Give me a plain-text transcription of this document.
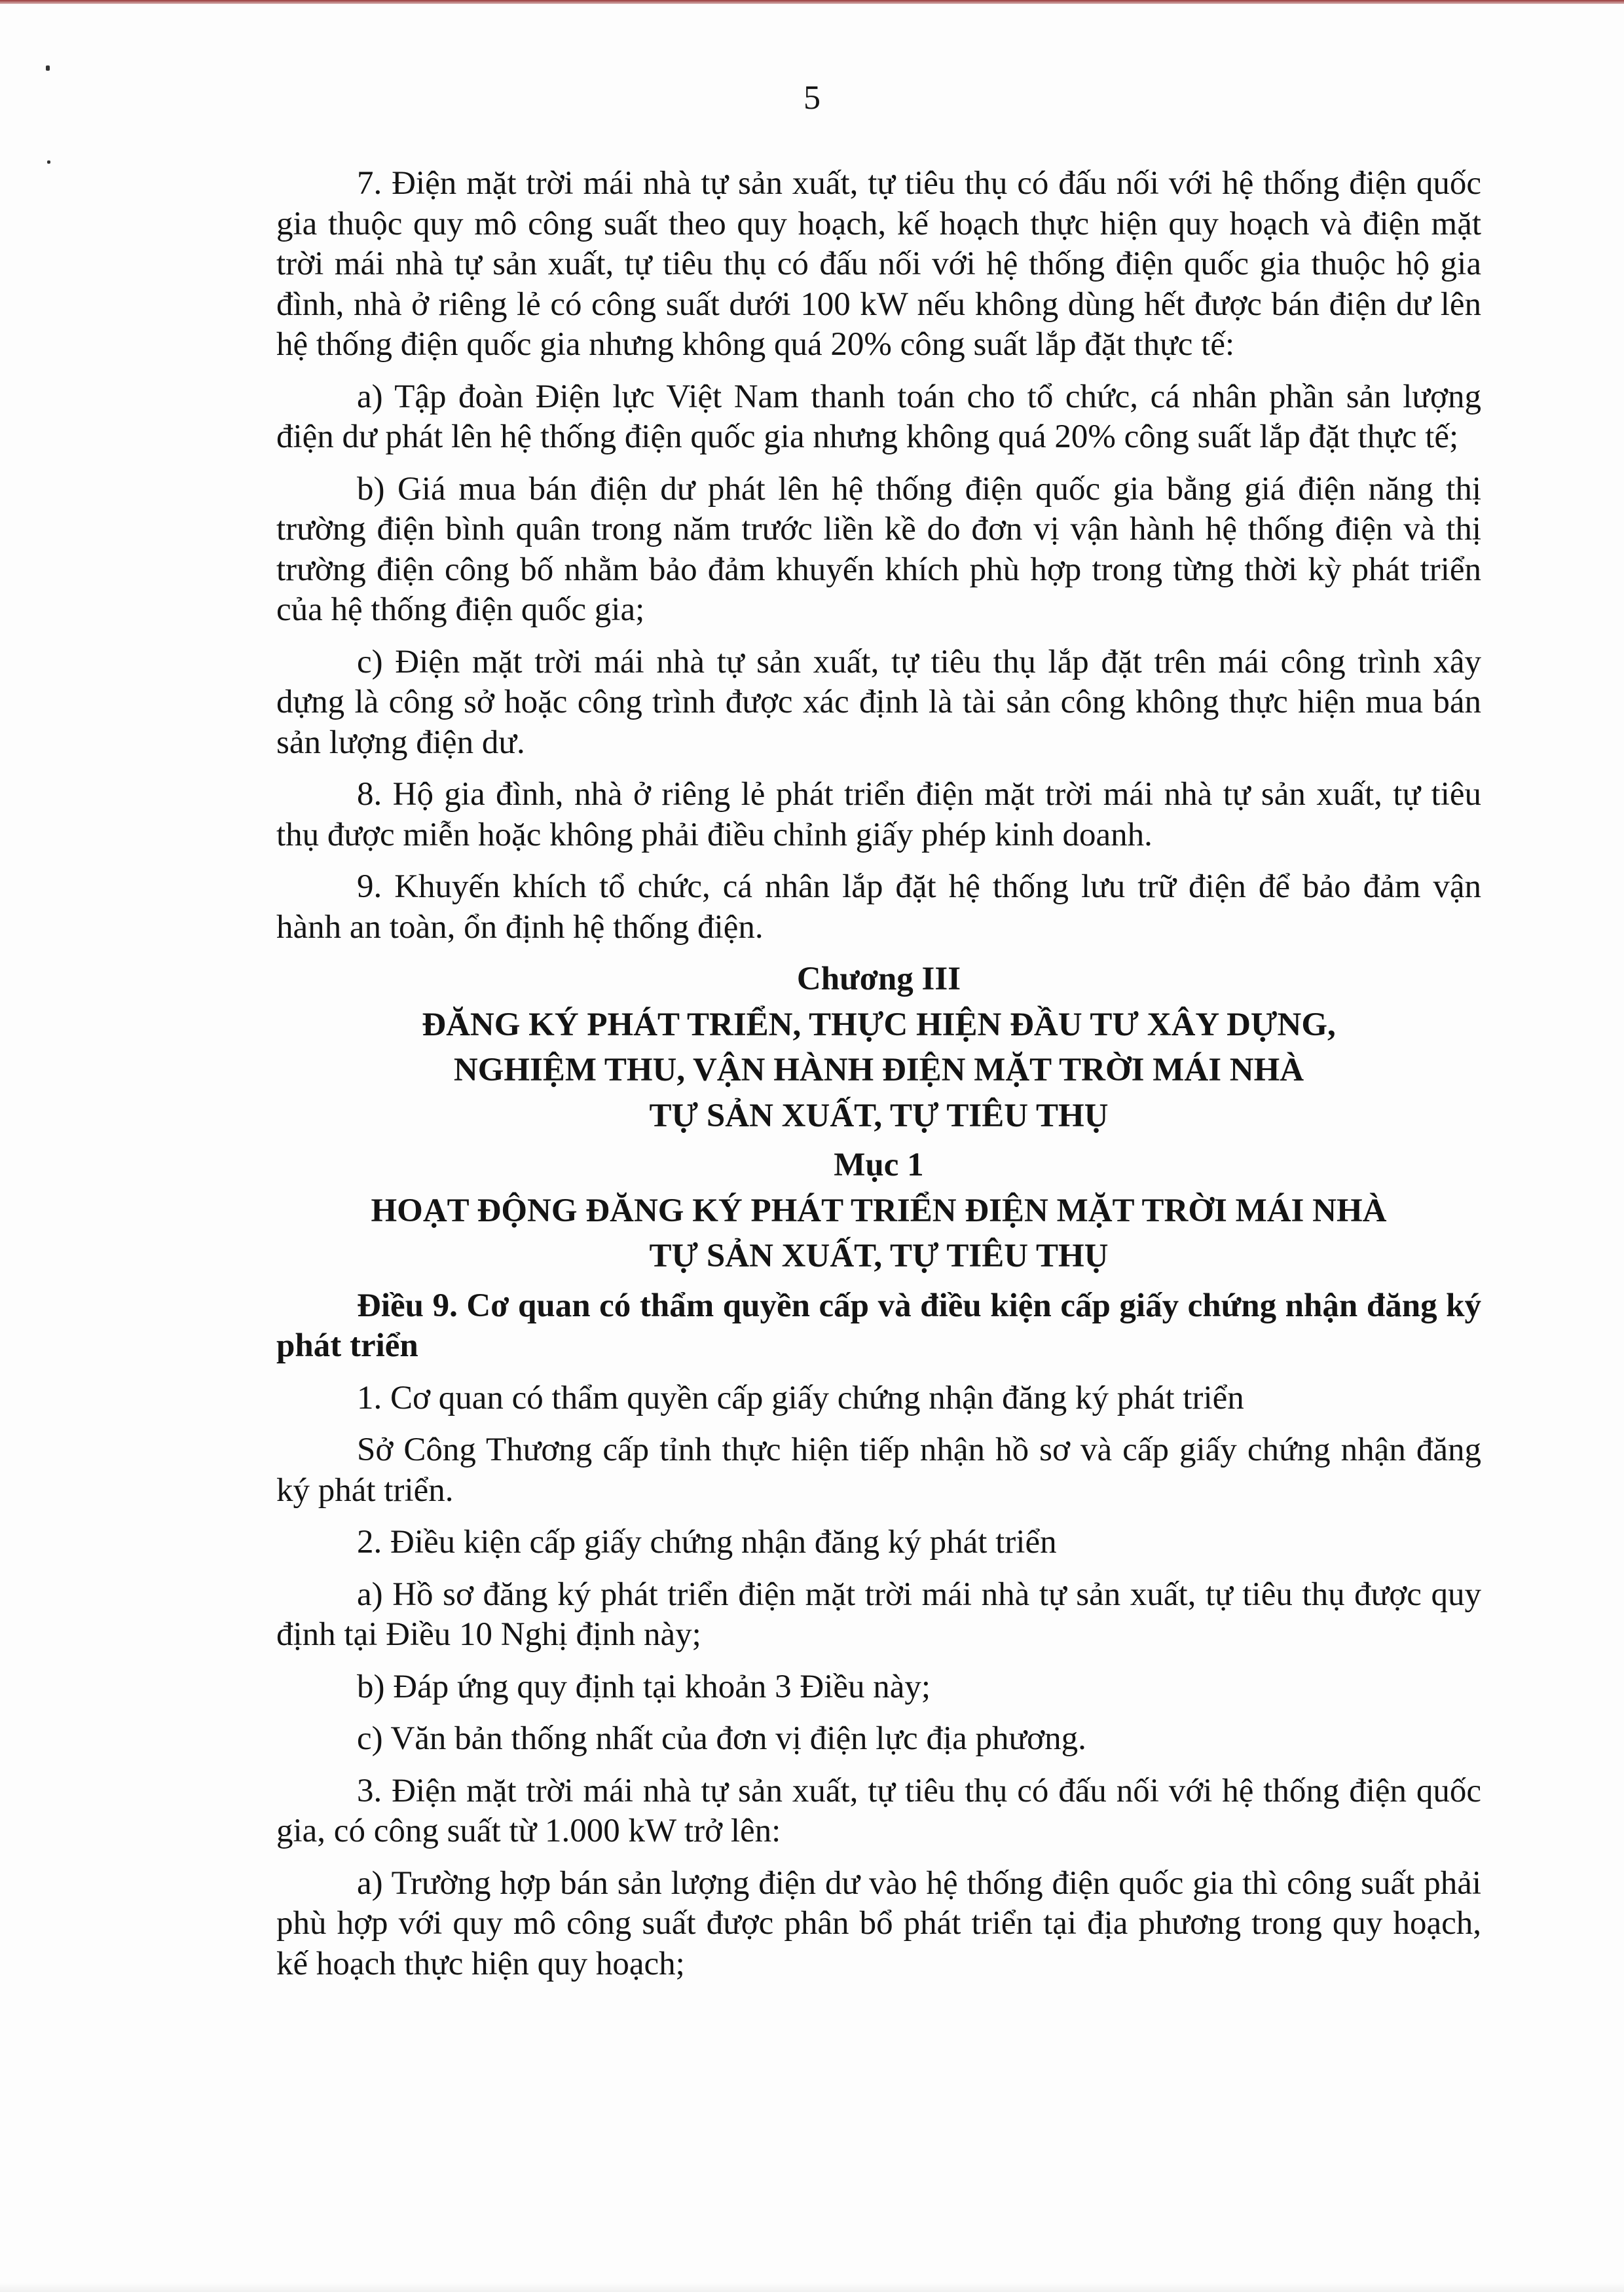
5

7. Điện mặt trời mái nhà tự sản xuất, tự tiêu thụ có đấu nối với hệ thống điện quốc gia thuộc quy mô công suất theo quy hoạch, kế hoạch thực hiện quy hoạch và điện mặt trời mái nhà tự sản xuất, tự tiêu thụ có đấu nối với hệ thống điện quốc gia thuộc hộ gia đình, nhà ở riêng lẻ có công suất dưới 100 kW nếu không dùng hết được bán điện dư lên hệ thống điện quốc gia nhưng không quá 20% công suất lắp đặt thực tế:

a) Tập đoàn Điện lực Việt Nam thanh toán cho tổ chức, cá nhân phần sản lượng điện dư phát lên hệ thống điện quốc gia nhưng không quá 20% công suất lắp đặt thực tế;

b) Giá mua bán điện dư phát lên hệ thống điện quốc gia bằng giá điện năng thị trường điện bình quân trong năm trước liền kề do đơn vị vận hành hệ thống điện và thị trường điện công bố nhằm bảo đảm khuyến khích phù hợp trong từng thời kỳ phát triển của hệ thống điện quốc gia;

c) Điện mặt trời mái nhà tự sản xuất, tự tiêu thụ lắp đặt trên mái công trình xây dựng là công sở hoặc công trình được xác định là tài sản công không thực hiện mua bán sản lượng điện dư.

8. Hộ gia đình, nhà ở riêng lẻ phát triển điện mặt trời mái nhà tự sản xuất, tự tiêu thụ được miễn hoặc không phải điều chỉnh giấy phép kinh doanh.

9. Khuyến khích tổ chức, cá nhân lắp đặt hệ thống lưu trữ điện để bảo đảm vận hành an toàn, ổn định hệ thống điện.

Chương III

ĐĂNG KÝ PHÁT TRIỂN, THỰC HIỆN ĐẦU TƯ XÂY DỰNG,

NGHIỆM THU, VẬN HÀNH ĐIỆN MẶT TRỜI MÁI NHÀ

TỰ SẢN XUẤT, TỰ TIÊU THỤ

Mục 1

HOẠT ĐỘNG ĐĂNG KÝ PHÁT TRIỂN ĐIỆN MẶT TRỜI MÁI NHÀ

TỰ SẢN XUẤT, TỰ TIÊU THỤ

Điều 9. Cơ quan có thẩm quyền cấp và điều kiện cấp giấy chứng nhận đăng ký phát triển

1. Cơ quan có thẩm quyền cấp giấy chứng nhận đăng ký phát triển

Sở Công Thương cấp tỉnh thực hiện tiếp nhận hồ sơ và cấp giấy chứng nhận đăng ký phát triển.

2. Điều kiện cấp giấy chứng nhận đăng ký phát triển

a) Hồ sơ đăng ký phát triển điện mặt trời mái nhà tự sản xuất, tự tiêu thụ được quy định tại Điều 10 Nghị định này;

b) Đáp ứng quy định tại khoản 3 Điều này;

c) Văn bản thống nhất của đơn vị điện lực địa phương.

3. Điện mặt trời mái nhà tự sản xuất, tự tiêu thụ có đấu nối với hệ thống điện quốc gia, có công suất từ 1.000 kW trở lên:

a) Trường hợp bán sản lượng điện dư vào hệ thống điện quốc gia thì công suất phải phù hợp với quy mô công suất được phân bổ phát triển tại địa phương trong quy hoạch, kế hoạch thực hiện quy hoạch;
